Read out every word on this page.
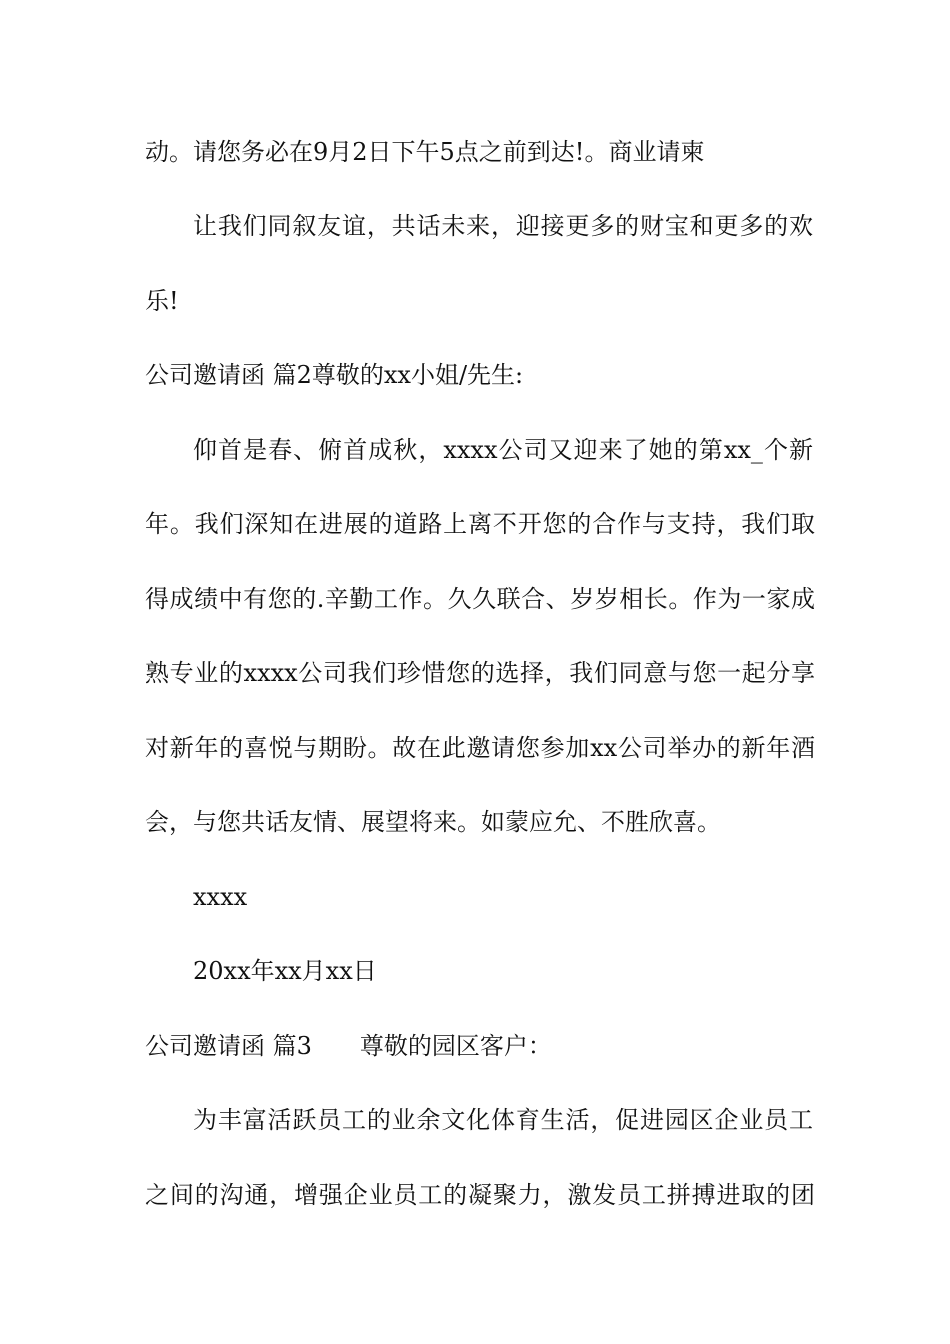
动。请您务必在9月2日下午5点之前到达!。商业请柬
让我们同叙友谊，共话未来，迎接更多的财宝和更多的欢
乐!
公司邀请函 篇2尊敬的xx小姐/先生:
仰首是春、俯首成秋，xxxx公司又迎来了她的第xx_个新
年。我们深知在进展的道路上离不开您的合作与支持，我们取
得成绩中有您的.辛勤工作。久久联合、岁岁相长。作为一家成
熟专业的xxxx公司我们珍惜您的选择，我们同意与您一起分享
对新年的喜悦与期盼。故在此邀请您参加xx公司举办的新年酒
会，与您共话友情、展望将来。如蒙应允、不胜欣喜。
xxxx
20xx年xx月xx日
公司邀请函 篇3　　尊敬的园区客户：
为丰富活跃员工的业余文化体育生活，促进园区企业员工
之间的沟通，增强企业员工的凝聚力，激发员工拼搏进取的团
